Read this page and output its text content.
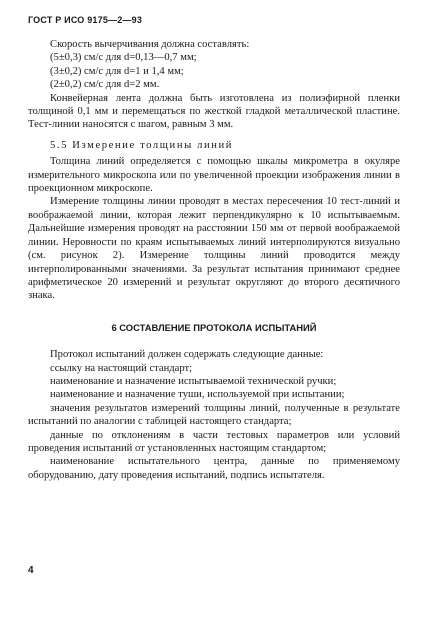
ГОСТ Р ИСО 9175—2—93

Скорость вычерчивания должна составлять:

(5±0,3) см/с для d=0,13—0,7 мм;

(3±0,2) см/с для d=1 и 1,4 мм;

(2±0,2) см/с для d=2 мм.

Конвейерная лента должна быть изготовлена из полиэфирной пленки толщиной 0,1 мм и перемещаться по жесткой гладкой металлической пластине. Тест-линии наносятся с шагом, равным 3 мм.

5.5 Измерение толщины линий

Толщина линий определяется с помощью шкалы микрометра в окуляре измерительного микроскопа или по увеличенной проекции изображения линии в проекционном микроскопе.

Измерение толщины линии проводят в местах пересечения 10 тест-линий и воображаемой линии, которая лежит перпендикулярно к 10 испытываемым. Дальнейшие измерения проводят на расстоянии 150 мм от первой воображаемой линии. Неровности по краям испытываемых линий интерполируются визуально (см. рисунок 2). Измерение толщины линий проводится между интерполированными значениями. За результат испытания принимают среднее арифметическое 20 измерений и результат округляют до второго десятичного знака.

6 СОСТАВЛЕНИЕ ПРОТОКОЛА ИСПЫТАНИЙ

Протокол испытаний должен содержать следующие данные:

ссылку на настоящий стандарт;

наименование и назначение испытываемой технической ручки;

наименование и назначение туши, используемой при испытании;

значения результатов измерений толщины линий, полученные в результате испытаний по аналогии с таблицей настоящего стандарта;

данные по отклонениям в части тестовых параметров или условий проведения испытаний от установленных настоящим стандартом;

наименование испытательного центра, данные по применяемому оборудованию, дату проведения испытаний, подпись испытателя.

4
